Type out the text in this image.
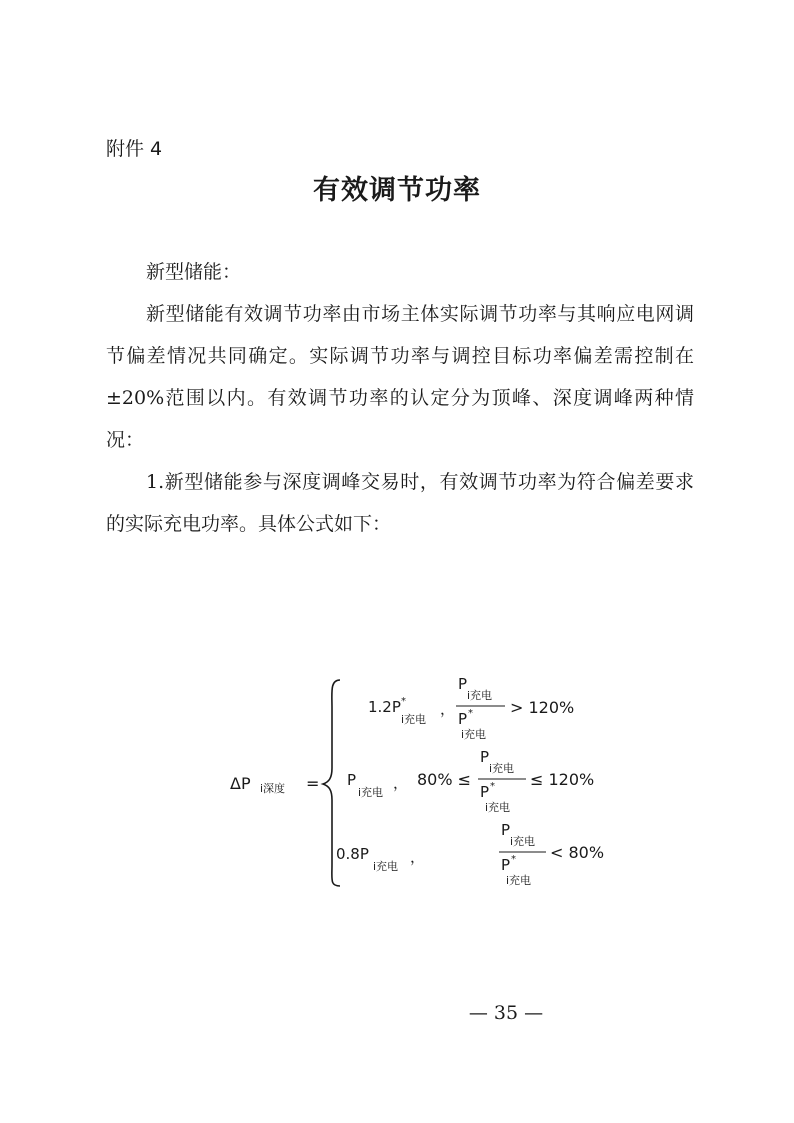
附件 4
有效调节功率

新型储能：

新型储能有效调节功率由市场主体实际调节功率与其响应电网调节偏差情况共同确定。实际调节功率与调控目标功率偏差需控制在±20%范围以内。有效调节功率的认定分为顶峰、深度调峰两种情况：

1.新型储能参与深度调峰交易时，有效调节功率为符合偏差要求的实际充电功率。具体公式如下：

ΔP i深度 =
1.2P *
i充电
，
P
i充电
P *
i充电
> 120%
P
i充电
， 80% ≤
P
i充电
P *
i充电
≤ 120%
0.8P
i充电
，
P
i充电
P *
i充电
< 80%
— 35 —
